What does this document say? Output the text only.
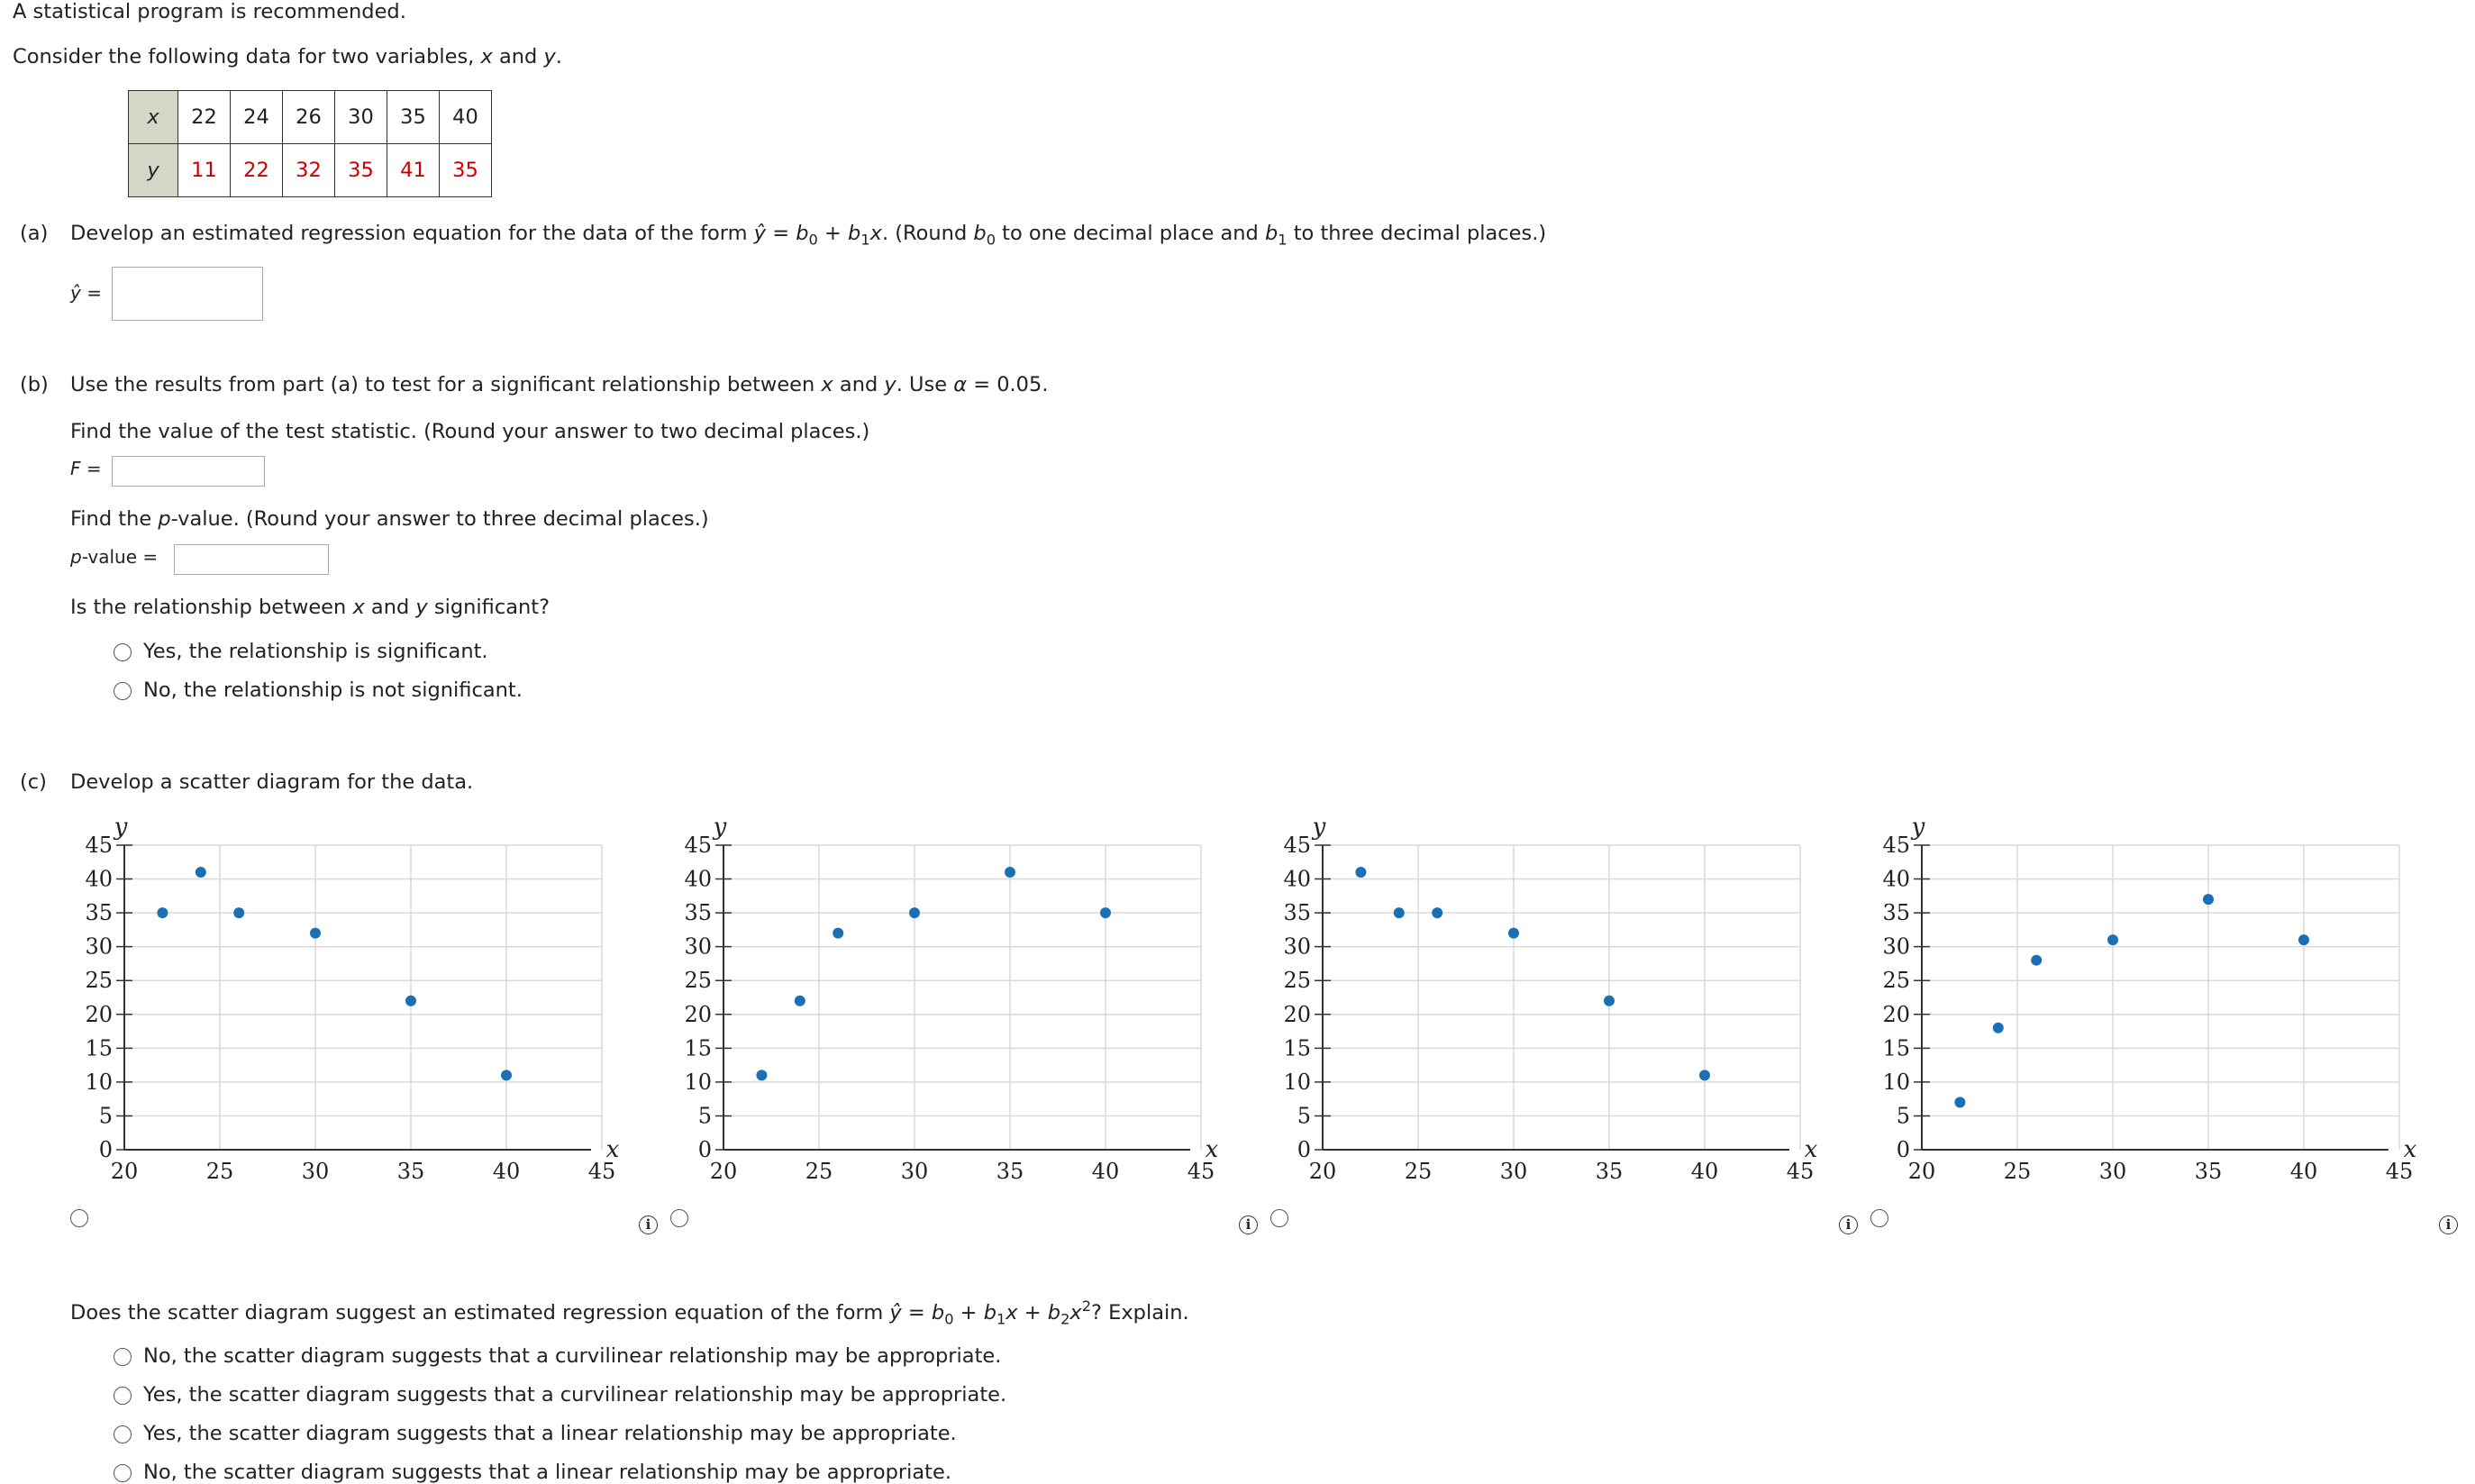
A statistical program is recommended.
Consider the following data for two variables, x and y.
x	22	24	26	30	35	40
y	11	22	32	35	41	35
(a) Develop an estimated regression equation for the data of the form ŷ = $b_0 + b_1x$. (Round $b_0$ to one decimal place and $b_1$ to three decimal places.)
ŷ =
(b) Use the results from part (a) to test for a significant relationship between x and y. Use α = 0.05.
Find the value of the test statistic. (Round your answer to two decimal places.)
F =
Find the p-value. (Round your answer to three decimal places.)
p-value =
Is the relationship between x and y significant?
Yes, the relationship is significant.
No, the relationship is not significant.
(c) Develop a scatter diagram for the data.
0
5
10
15
20
25
30
35
40
45
20	25	30	35	40	45
y
x	0
5
10
15
20
25
30
35
40
45
20	25	30	35	40	45
y
x	0
5
10
15
20
25
30
35
40
45
20	25	30	35	40	45
y
x	0
5
10
15
20
25
30
35
40
45
20	25	30	35	40	45
y
x
i	i	i	i
Does the scatter diagram suggest an estimated regression equation of the form ŷ = $b_0 + b_1x + b_2x^2$? Explain.
No, the scatter diagram suggests that a curvilinear relationship may be appropriate.
Yes, the scatter diagram suggests that a curvilinear relationship may be appropriate.
Yes, the scatter diagram suggests that a linear relationship may be appropriate.
No, the scatter diagram suggests that a linear relationship may be appropriate.
